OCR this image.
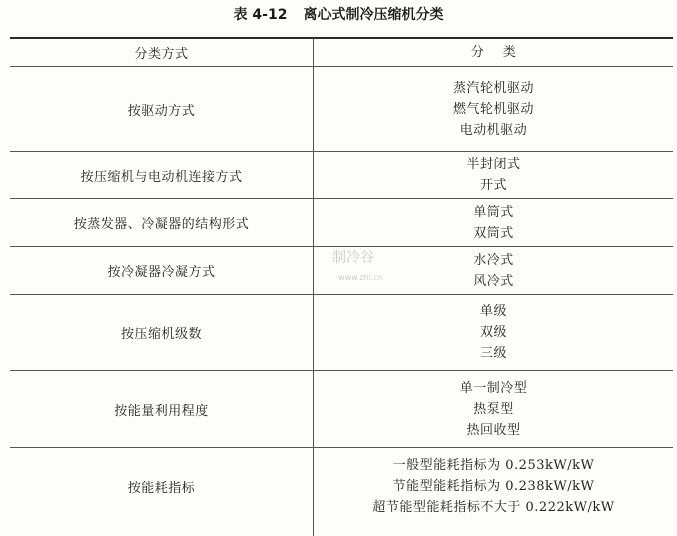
表 4-12 离心式制冷压缩机分类
分类方式	分    类
按驱动方式
蒸汽轮机驱动
燃气轮机驱动
电动机驱动
按压缩机与电动机连接方式
半封闭式
开式
按蒸发器、冷凝器的结构形式
单筒式
双筒式
按冷凝器冷凝方式
水冷式
风冷式
按压缩机级数
单级
双级
三级
按能量利用程度
单一制冷型
热泵型
热回收型
按能耗指标
一般型能耗指标为 0.253kW/kW
节能型能耗指标为 0.238kW/kW
超节能型能耗指标不大于 0.222kW/kW
制冷谷
www.zhl.cn
